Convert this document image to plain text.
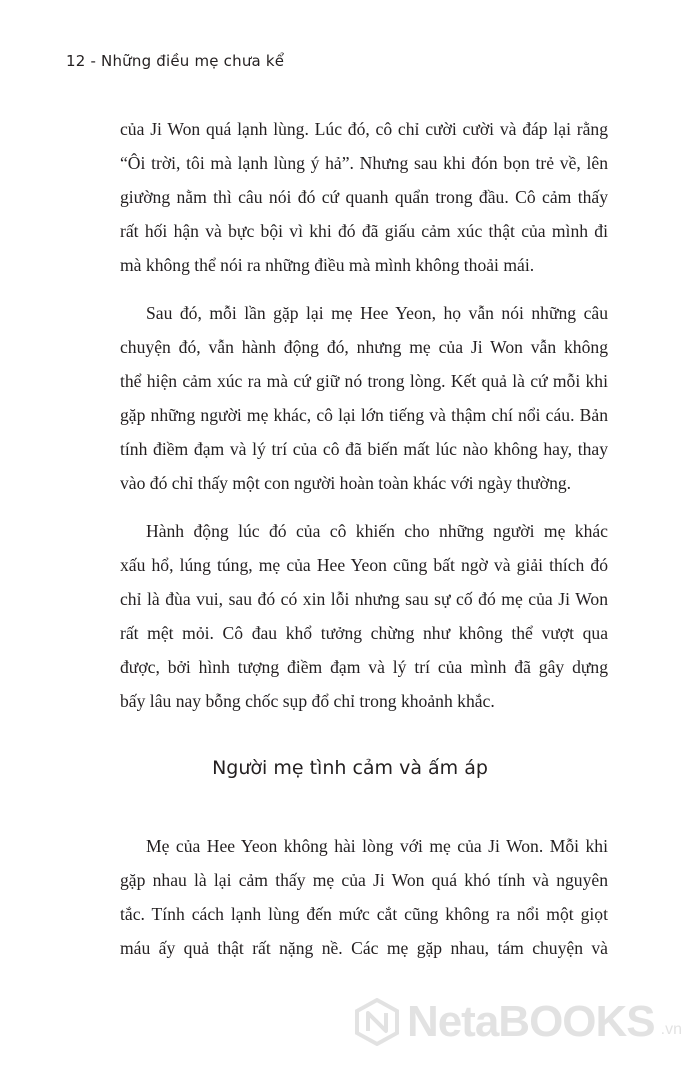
12 - Những điều mẹ chưa kể
của Ji Won quá lạnh lùng. Lúc đó, cô chỉ cười cười và đáp lại rằng
“Ôi trời, tôi mà lạnh lùng ý hả”. Nhưng sau khi đón bọn trẻ về, lên
giường nằm thì câu nói đó cứ quanh quẩn trong đầu. Cô cảm thấy
rất hối hận và bực bội vì khi đó đã giấu cảm xúc thật của mình đi
mà không thể nói ra những điều mà mình không thoải mái.
Sau đó, mỗi lần gặp lại mẹ Hee Yeon, họ vẫn nói những câu
chuyện đó, vẫn hành động đó, nhưng mẹ của Ji Won vẫn không
thể hiện cảm xúc ra mà cứ giữ nó trong lòng. Kết quả là cứ mỗi khi
gặp những người mẹ khác, cô lại lớn tiếng và thậm chí nổi cáu. Bản
tính điềm đạm và lý trí của cô đã biến mất lúc nào không hay, thay
vào đó chỉ thấy một con người hoàn toàn khác với ngày thường.
Hành động lúc đó của cô khiến cho những người mẹ khác
xấu hổ, lúng túng, mẹ của Hee Yeon cũng bất ngờ và giải thích đó
chỉ là đùa vui, sau đó có xin lỗi nhưng sau sự cố đó mẹ của Ji Won
rất mệt mỏi. Cô đau khổ tưởng chừng như không thể vượt qua
được, bởi hình tượng điềm đạm và lý trí của mình đã gây dựng
bấy lâu nay bỗng chốc sụp đổ chỉ trong khoảnh khắc.
Người mẹ tình cảm và ấm áp
Mẹ của Hee Yeon không hài lòng với mẹ của Ji Won. Mỗi khi
gặp nhau là lại cảm thấy mẹ của Ji Won quá khó tính và nguyên
tắc. Tính cách lạnh lùng đến mức cắt cũng không ra nổi một giọt
máu ấy quả thật rất nặng nề. Các mẹ gặp nhau, tám chuyện và
NetaBOOKS .vn
